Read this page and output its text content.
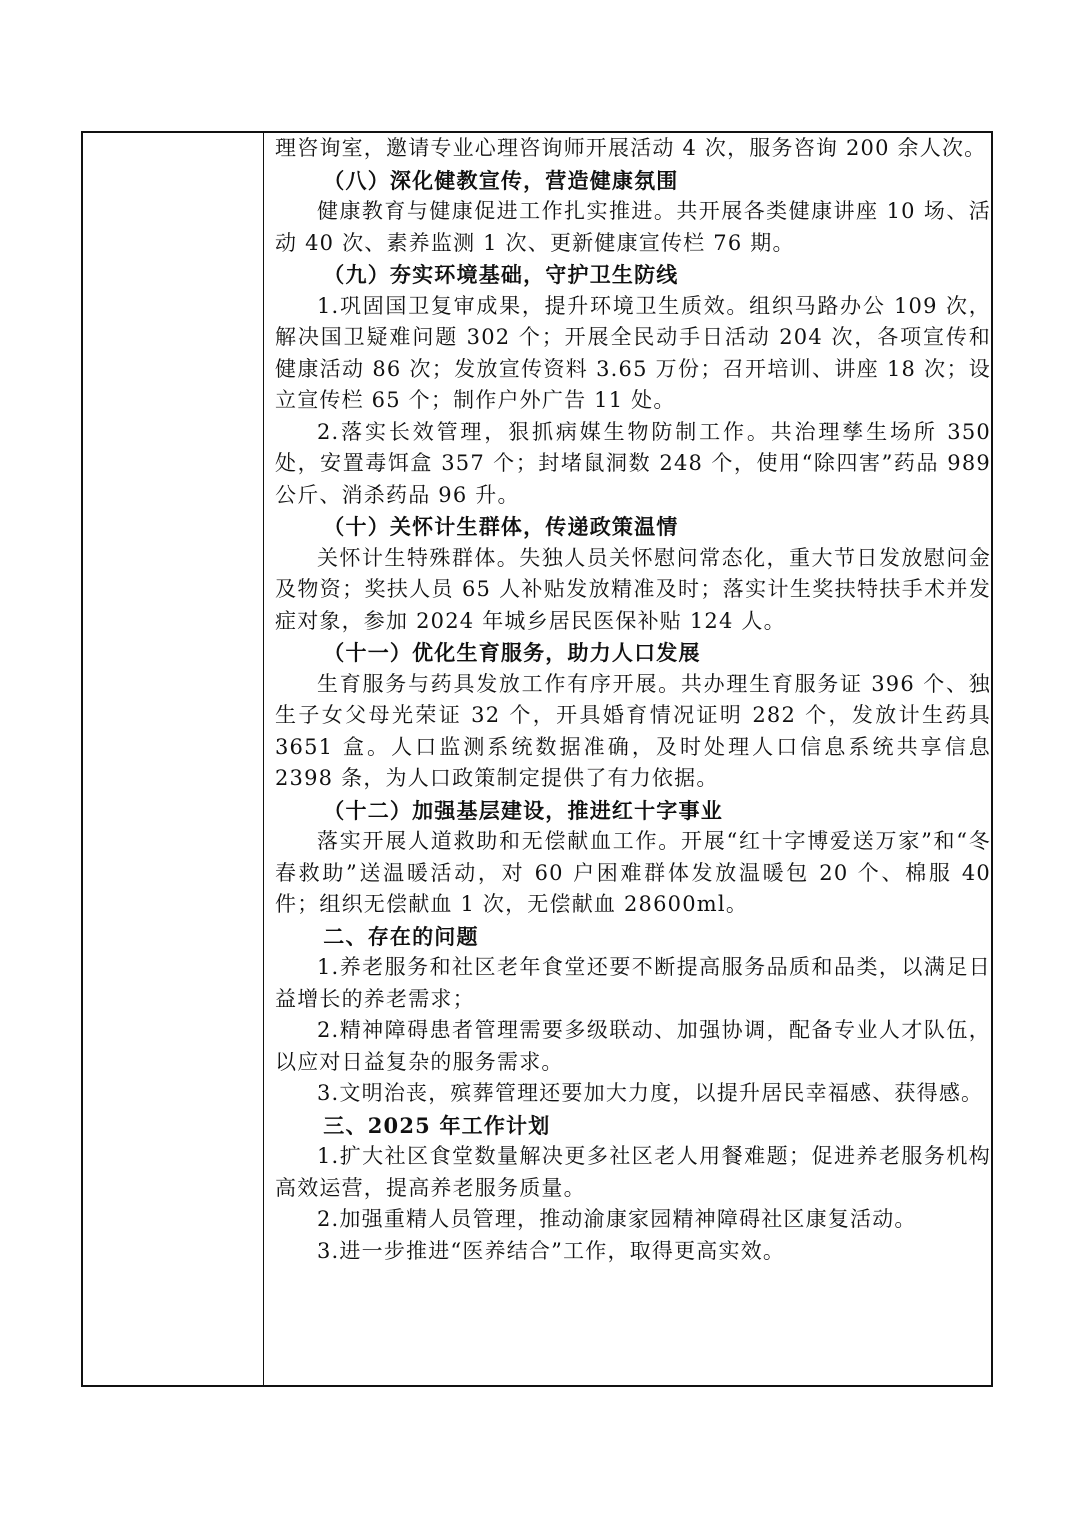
理咨询室，邀请专业心理咨询师开展活动 4 次，服务咨询 200 余人次。

（八）深化健教宣传，营造健康氛围

健康教育与健康促进工作扎实推进。共开展各类健康讲座 10 场、活动 40 次、素养监测 1 次、更新健康宣传栏 76 期。

（九）夯实环境基础，守护卫生防线

1.巩固国卫复审成果，提升环境卫生质效。组织马路办公 109 次，解决国卫疑难问题 302 个；开展全民动手日活动 204 次，各项宣传和健康活动 86 次；发放宣传资料 3.65 万份；召开培训、讲座 18 次；设立宣传栏 65 个；制作户外广告 11 处。

2.落实长效管理，狠抓病媒生物防制工作。共治理孳生场所 350 处，安置毒饵盒 357 个；封堵鼠洞数 248 个，使用“除四害”药品 989 公斤、消杀药品 96 升。

（十）关怀计生群体，传递政策温情

关怀计生特殊群体。失独人员关怀慰问常态化，重大节日发放慰问金及物资；奖扶人员 65 人补贴发放精准及时；落实计生奖扶特扶手术并发症对象，参加 2024 年城乡居民医保补贴 124 人。

（十一）优化生育服务，助力人口发展

生育服务与药具发放工作有序开展。共办理生育服务证 396 个、独生子女父母光荣证 32 个，开具婚育情况证明 282 个，发放计生药具 3651 盒。人口监测系统数据准确，及时处理人口信息系统共享信息 2398 条，为人口政策制定提供了有力依据。

（十二）加强基层建设，推进红十字事业

落实开展人道救助和无偿献血工作。开展“红十字博爱送万家”和“冬春救助”送温暖活动，对 60 户困难群体发放温暖包 20 个、棉服 40 件；组织无偿献血 1 次，无偿献血 28600ml。

二、存在的问题

1.养老服务和社区老年食堂还要不断提高服务品质和品类，以满足日益增长的养老需求；

2.精神障碍患者管理需要多级联动、加强协调，配备专业人才队伍，以应对日益复杂的服务需求。

3.文明治丧，殡葬管理还要加大力度，以提升居民幸福感、获得感。

三、2025 年工作计划

1.扩大社区食堂数量解决更多社区老人用餐难题；促进养老服务机构高效运营，提高养老服务质量。

2.加强重精人员管理，推动渝康家园精神障碍社区康复活动。

3.进一步推进“医养结合”工作，取得更高实效。
